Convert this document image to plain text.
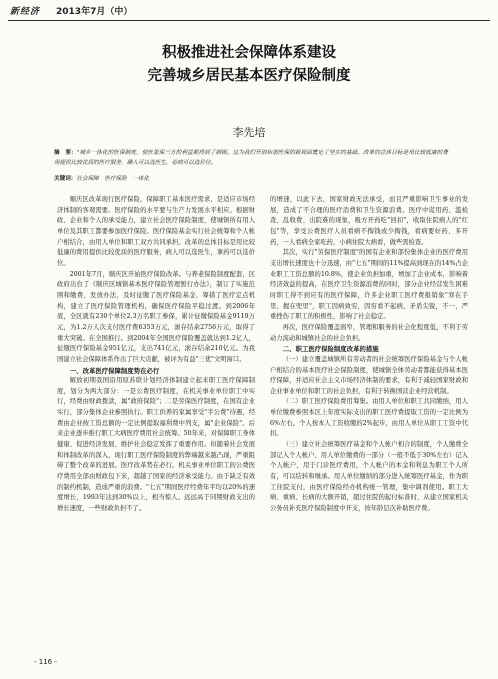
新经济 2013年7月（中）
积极推进社会保障体系建设
完善城乡居民基本医疗保险制度
李先培
摘　要："城乡一体化的医保制度，使医患保三方的利益都得到了照顾。这为我们开创和谐医保的新局面奠定了坚实的基础。改革的总体目标是用比较低廉的费用提供比较优质的医疗服务，确人可以选医生，看病可以选价位。
关键词：社会保障　医疗保险　一体化

顺庆区改革现行医疗保险，保障职工基本医疗需求，是适应市场经济体制的客观需要。医疗保险的水平要与生产力发展水平相应。根据财政、企业和个人的承受能力，建立社会医疗保险制度，使城镇所有用人单位及其职工都要参加医疗保险。医疗保险基金实行社会统筹和个人帐户相结合，由用人单位和职工双方共同承担。改革的总体目标是用比较低廉的费用提供比较优质的医疗服务，病人可以选医生，拿药可以选价位。

2001年7月，顺庆区开始医疗保险改革。与养老保险制度配套，区政府出台了《顺庆区城镇基本医疗保险管理暂行办法》，制订了实施范围和缴费、发放办法，及时征缴了医疗保险基金，筹措了医疗定点机构，建立了医疗保险管理机构，确保医疗保险平稳过渡。到2006年底，全区就有230个单位2.3万名职工参保，累计征缴保险基金9119万元，为1.2万人次支付医疗费6353万元，滚存结余2756万元，取得了重大突破。在全国推行。到2004年全国医疗保险覆盖就达到1.2亿人，征缴医疗保险基金951亿元，支出741亿元，滚存结余210亿元。为我国建立社会保障体系作出了巨大贡献，被评为有益"三优"文明窗口。

一、改革医疗保障制度势在必行

解放初期我国沿用原苏联计划经济体制建立起来职工医疗保障制度，划分为两大部分：一是公费医疗制度，在机关事业单位职工中实行，经费由财政拨款，属"政府保险"；二是劳保医疗制度，在国有企业实行，部分集体企业参照执行。职工供养的家属享受"半公费"待遇，经费由企业按工资总额的一定比例提取福利费中列支，属"企业保险"。后来企业逐步推行职工大病医疗费用社会统筹。50年来，对保障职工身体健康、促进经济发展、维护社会稳定发挥了重要作用。但随着社会发展和体制改革的深入，现行职工医疗保险制度的弊端越来越凸现，严重阻碍了整个改革的进展。医疗改革势在必行。机关事业单位职工的公费医疗费用全部由财政包下来，超越了国家的经济承受能力。由于缺乏有效的制约机制，造成严重的浪费。"七五"期间医疗经费年平均以20%的速度增长，1993年达到30%以上，相当惊人。远远高于同期财政支出的增长速度，一些财政负担不了。

的增速，以此下去，国家财政无法承受，而且严重影响卫生事业的发展，造成了不合理的医疗消费和卫生资源浪费。医疗中谎用药、滥检查、乱收费、出院难的现象，吸方开药吃"回扣"，收取住院病人的"红包"等，享受公费医疗人员看病不掏钱或少掏钱，看病要好药、多开药，一人看病全家吃药，小病住院大病看，做些需检查。

其次，实行"劳保医疗制度"的国有企业和部份集体企业的医疗费用支出增长速度也十分迅速，由"七五"期间的11%提高到现在的14%占企业职工工资总额的10.8%，使企业负担加重，增加了企业成本，影响着经济效益的提高，在医疗卫生资源浪费的同时，部分企业经营发生困难时职工得不到应有的医疗保障，许多企业职工医疗费报销象"寒在手里、握在兜里"，职工因病致穷，因穷看不起病，矛盾尖锐，不一，严重挫伤了职工的积极性，影响了社会稳定。

再次，医疗保险覆盖面窄，管理和服务的社会化程度低，不利于劳动力流动和城镇社会的社会负担。

二、职工医疗保险制度改革的措施

（一）建立覆盖城镇所有劳动者的社会统筹医疗保险基金与个人帐户相结合的基本医疗社会保险制度，使城镇全体劳动者都能获得基本医疗保障，并适应社会主义市场经济体制的要求，有利于减轻国家财政和企业事业单位和职工的社会负担，有利于转换国营企业经营机制。

（二）职工医疗保险费用筹集。由用人单位和职工共同缴纳，用人单位缴费参照本区上年度实际支出的职工医疗费提取工资的一定比例为6%左右，个人按本人工资收缴的2%起步，由用人单位从职工工资中代扣。

（三）建立社会统筹医疗基金和个人帐户相合的制度，个人缴费全部记入个人帐户，用人单位缴费的一部分（一般不低于30%左右）记入个人帐户，用于门诊医疗费用，个人帐户的本金和利息为职工个人所有，可以结转和继承。用人单位缴纳的部分进入统筹医疗基金，作为职工住院支付，由医疗保险经办机构统一管理，集中调剂使用。职工大病、重病、长病的大额开销，超过住院的起付标准时，从建立国家机关公务员补充医疗保险制度中开支，按年龄层次补助医疗费。

- 116 -
